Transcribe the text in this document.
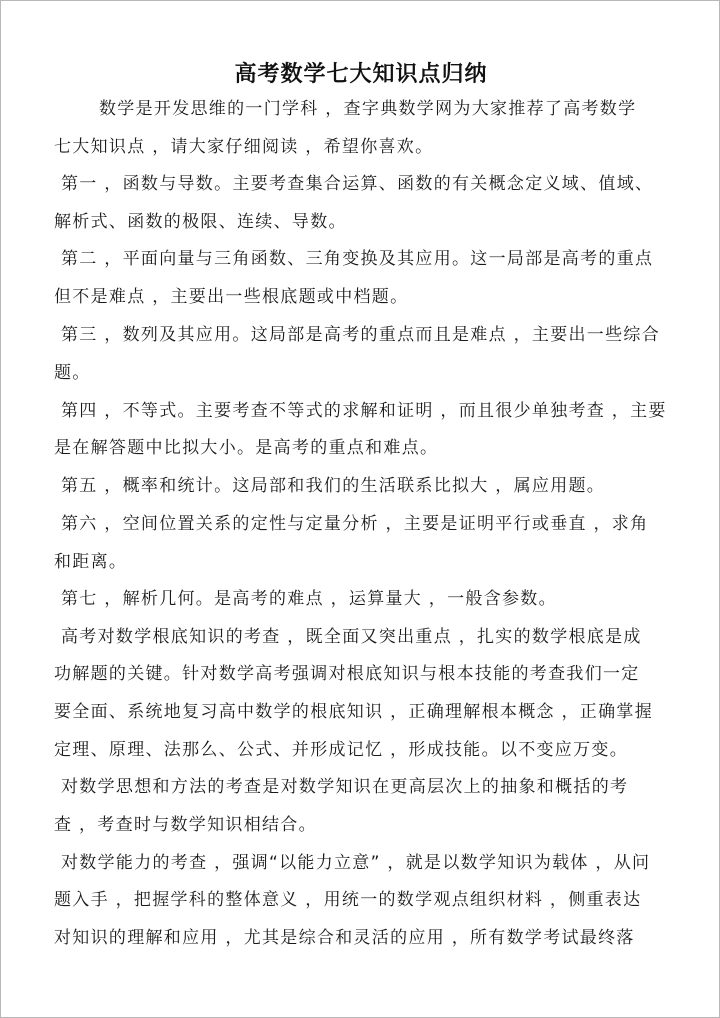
高考数学七大知识点归纳
数学是开发思维的一门学科 ，查字典数学网为大家推荐了高考数学
七大知识点 ，请大家仔细阅读 ，希望你喜欢。
第一 ，函数与导数。主要考查集合运算、函数的有关概念定义域、值域、
解析式、函数的极限、连续、导数。
第二 ，平面向量与三角函数、三角变换及其应用。这一局部是高考的重点
但不是难点 ，主要出一些根底题或中档题。
第三 ，数列及其应用。这局部是高考的重点而且是难点 ，主要出一些综合
题。
第四 ，不等式。主要考查不等式的求解和证明 ，而且很少单独考查 ，主要
是在解答题中比拟大小。是高考的重点和难点。
第五 ，概率和统计。这局部和我们的生活联系比拟大 ，属应用题。
第六 ，空间位置关系的定性与定量分析 ，主要是证明平行或垂直 ，求角
和距离。
第七 ，解析几何。是高考的难点 ，运算量大 ，一般含参数。
高考对数学根底知识的考查 ，既全面又突出重点 ，扎实的数学根底是成
功解题的关键。针对数学高考强调对根底知识与根本技能的考查我们一定
要全面、系统地复习高中数学的根底知识 ，正确理解根本概念 ，正确掌握
定理、原理、法那么、公式、并形成记忆 ，形成技能。以不变应万变。
对数学思想和方法的考查是对数学知识在更高层次上的抽象和概括的考
查 ，考查时与数学知识相结合。
对数学能力的考查 ，强调“以能力立意” ，就是以数学知识为载体 ，从问
题入手 ，把握学科的整体意义 ，用统一的数学观点组织材料 ，侧重表达
对知识的理解和应用 ，尤其是综合和灵活的应用 ，所有数学考试最终落
